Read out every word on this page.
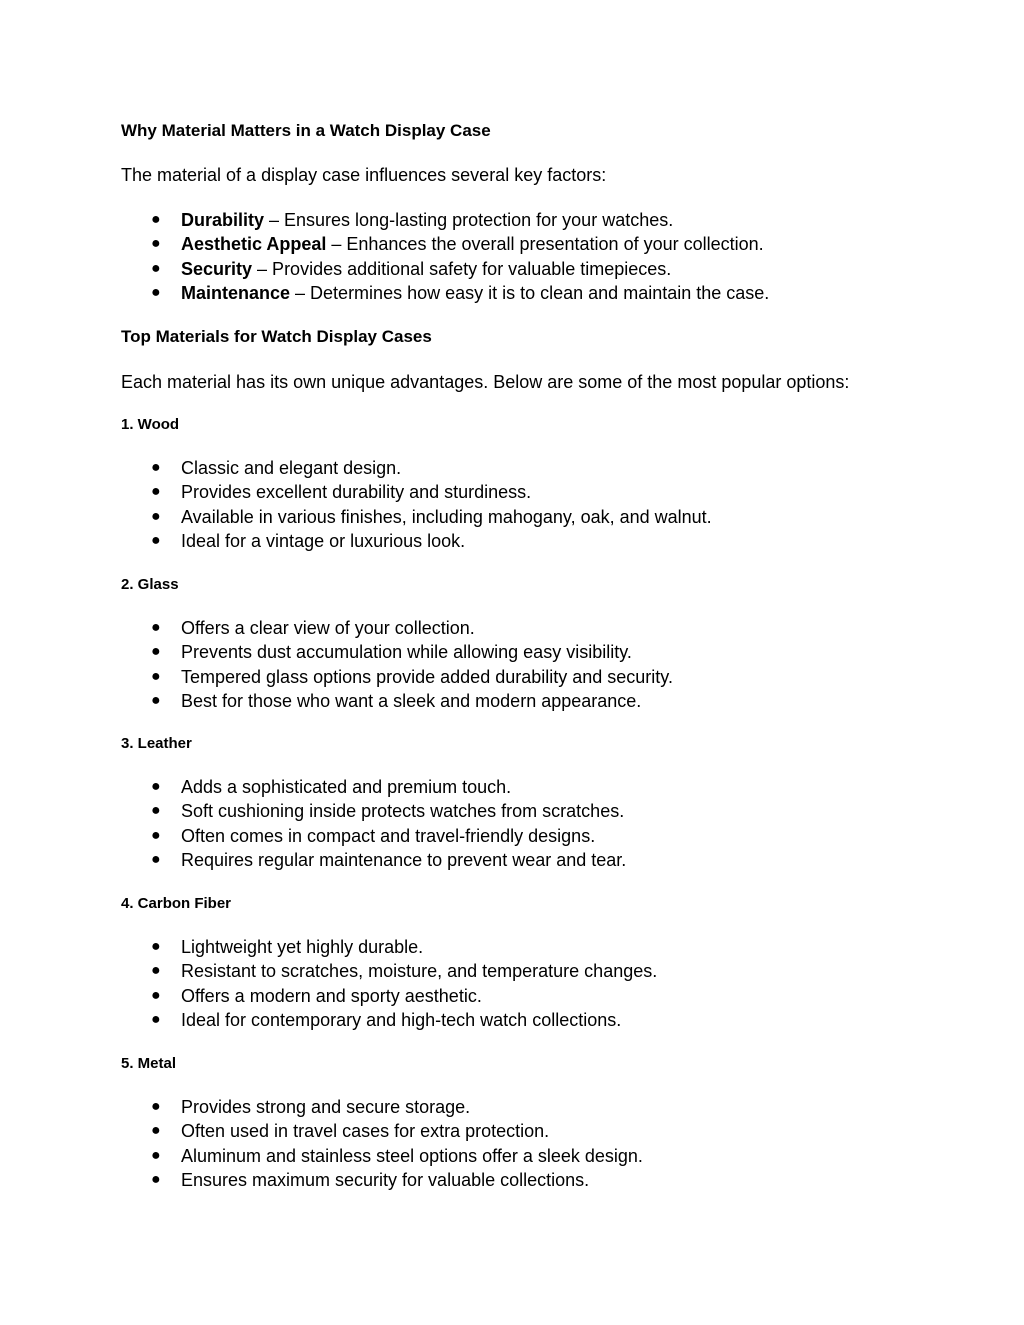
Why Material Matters in a Watch Display Case
The material of a display case influences several key factors:
● Durability – Ensures long-lasting protection for your watches.
● Aesthetic Appeal – Enhances the overall presentation of your collection.
● Security – Provides additional safety for valuable timepieces.
● Maintenance – Determines how easy it is to clean and maintain the case.
Top Materials for Watch Display Cases
Each material has its own unique advantages. Below are some of the most popular options:
1. Wood
● Classic and elegant design.
● Provides excellent durability and sturdiness.
● Available in various finishes, including mahogany, oak, and walnut.
● Ideal for a vintage or luxurious look.
2. Glass
● Offers a clear view of your collection.
● Prevents dust accumulation while allowing easy visibility.
● Tempered glass options provide added durability and security.
● Best for those who want a sleek and modern appearance.
3. Leather
● Adds a sophisticated and premium touch.
● Soft cushioning inside protects watches from scratches.
● Often comes in compact and travel-friendly designs.
● Requires regular maintenance to prevent wear and tear.
4. Carbon Fiber
● Lightweight yet highly durable.
● Resistant to scratches, moisture, and temperature changes.
● Offers a modern and sporty aesthetic.
● Ideal for contemporary and high-tech watch collections.
5. Metal
● Provides strong and secure storage.
● Often used in travel cases for extra protection.
● Aluminum and stainless steel options offer a sleek design.
● Ensures maximum security for valuable collections.
